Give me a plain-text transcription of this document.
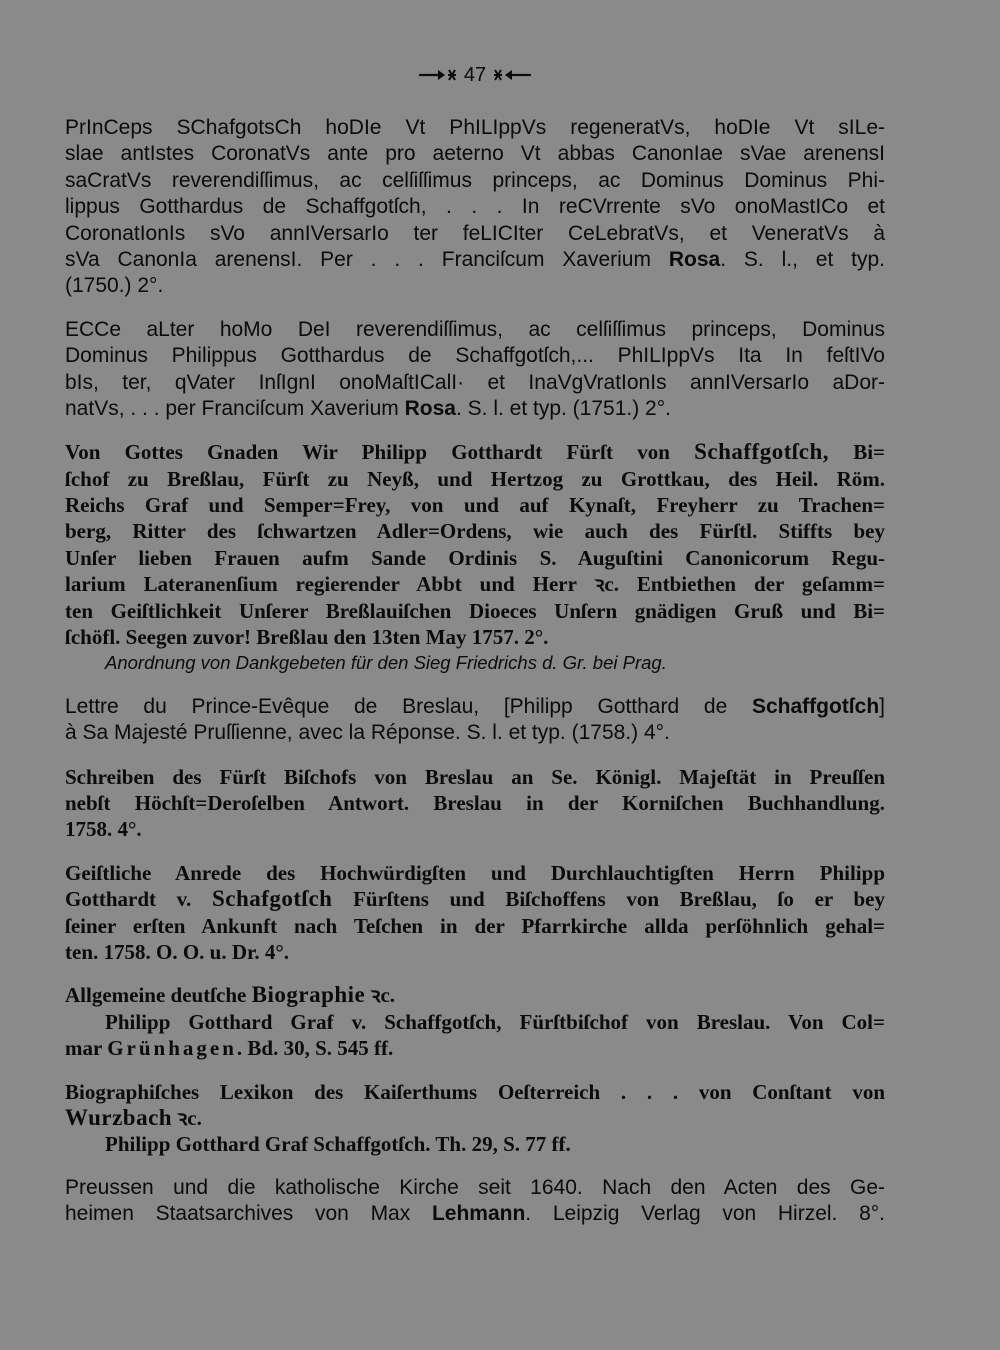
47
PrInCeps SChafgotsCh hoDIe Vt PhILIppVs regeneratVs, hoDIe Vt sILe-
slae antIstes CoronatVs ante pro aeterno Vt abbas CanonIae sVae arenensI
saCratVs reverendiſſimus, ac celſiſſimus princeps, ac Dominus Dominus Phi-
lippus Gotthardus de Schaffgotſch, . . . In reCVrrente sVo onoMastICo et
CoronatIonIs sVo annIVersarIo ter feLICIter CeLebratVs, et VeneratVs à
sVa CanonIa arenensI. Per . . . Franciſcum Xaverium Rosa. S. l., et typ.
(1750.) 2°.
ECCe aLter hoMo DeI reverendiſſimus, ac celſiſſimus princeps, Dominus
Dominus Philippus Gotthardus de Schaffgotſch,... PhILIppVs Ita In feſtIVo
bIs, ter, qVater InſIgnI onoMaſtICalI· et InaVgVratIonIs annIVersarIo aDor-
natVs, . . . per Franciſcum Xaverium Rosa. S. l. et typ. (1751.) 2°.
Von Gottes Gnaden Wir Philipp Gotthardt Fürſt von Schaffgotſch, Bi=
ſchof zu Breßlau, Fürſt zu Neyß, und Hertzog zu Grottkau, des Heil. Röm.
Reichs Graf und Semper=Frey, von und auf Kynaſt, Freyherr zu Trachen=
berg, Ritter des ſchwartzen Adler=Ordens, wie auch des Fürſtl. Stiffts bey
Unſer lieben Frauen aufm Sande Ordinis S. Auguſtini Canonicorum Regu-
larium Lateranenſium regierender Abbt und Herr ꝛc. Entbiethen der geſamm=
ten Geiſtlichkeit Unſerer Breßlauiſchen Dioeces Unſern gnädigen Gruß und Bi=
ſchöfl. Seegen zuvor! Breßlau den 13ten May 1757. 2°.
Anordnung von Dankgebeten für den Sieg Friedrichs d. Gr. bei Prag.
Lettre du Prince-Evêque de Breslau, [Philipp Gotthard de Schaffgotſch]
à Sa Majesté Pruſſienne, avec la Réponse. S. l. et typ. (1758.) 4°.
Schreiben des Fürſt Biſchofs von Breslau an Se. Königl. Majeſtät in Preuſſen
nebſt Höchſt=Deroſelben Antwort. Breslau in der Korniſchen Buchhandlung.
1758. 4°.
Geiſtliche Anrede des Hochwürdigſten und Durchlauchtigſten Herrn Philipp
Gotthardt v. Schafgotſch Fürſtens und Biſchoffens von Breßlau, ſo er bey
ſeiner erſten Ankunft nach Teſchen in der Pfarrkirche allda perſöhnlich gehal=
ten. 1758. O. O. u. Dr. 4°.
Allgemeine deutſche Biographie ꝛc.
Philipp Gotthard Graf v. Schaffgotſch, Fürſtbiſchof von Breslau. Von Col=
mar Grünhagen. Bd. 30, S. 545 ff.
Biographiſches Lexikon des Kaiſerthums Oeſterreich . . . von Conſtant von
Wurzbach ꝛc.
Philipp Gotthard Graf Schaffgotſch. Th. 29, S. 77 ff.
Preussen und die katholische Kirche seit 1640. Nach den Acten des Ge-
heimen Staatsarchives von Max Lehmann. Leipzig Verlag von Hirzel. 8°.
